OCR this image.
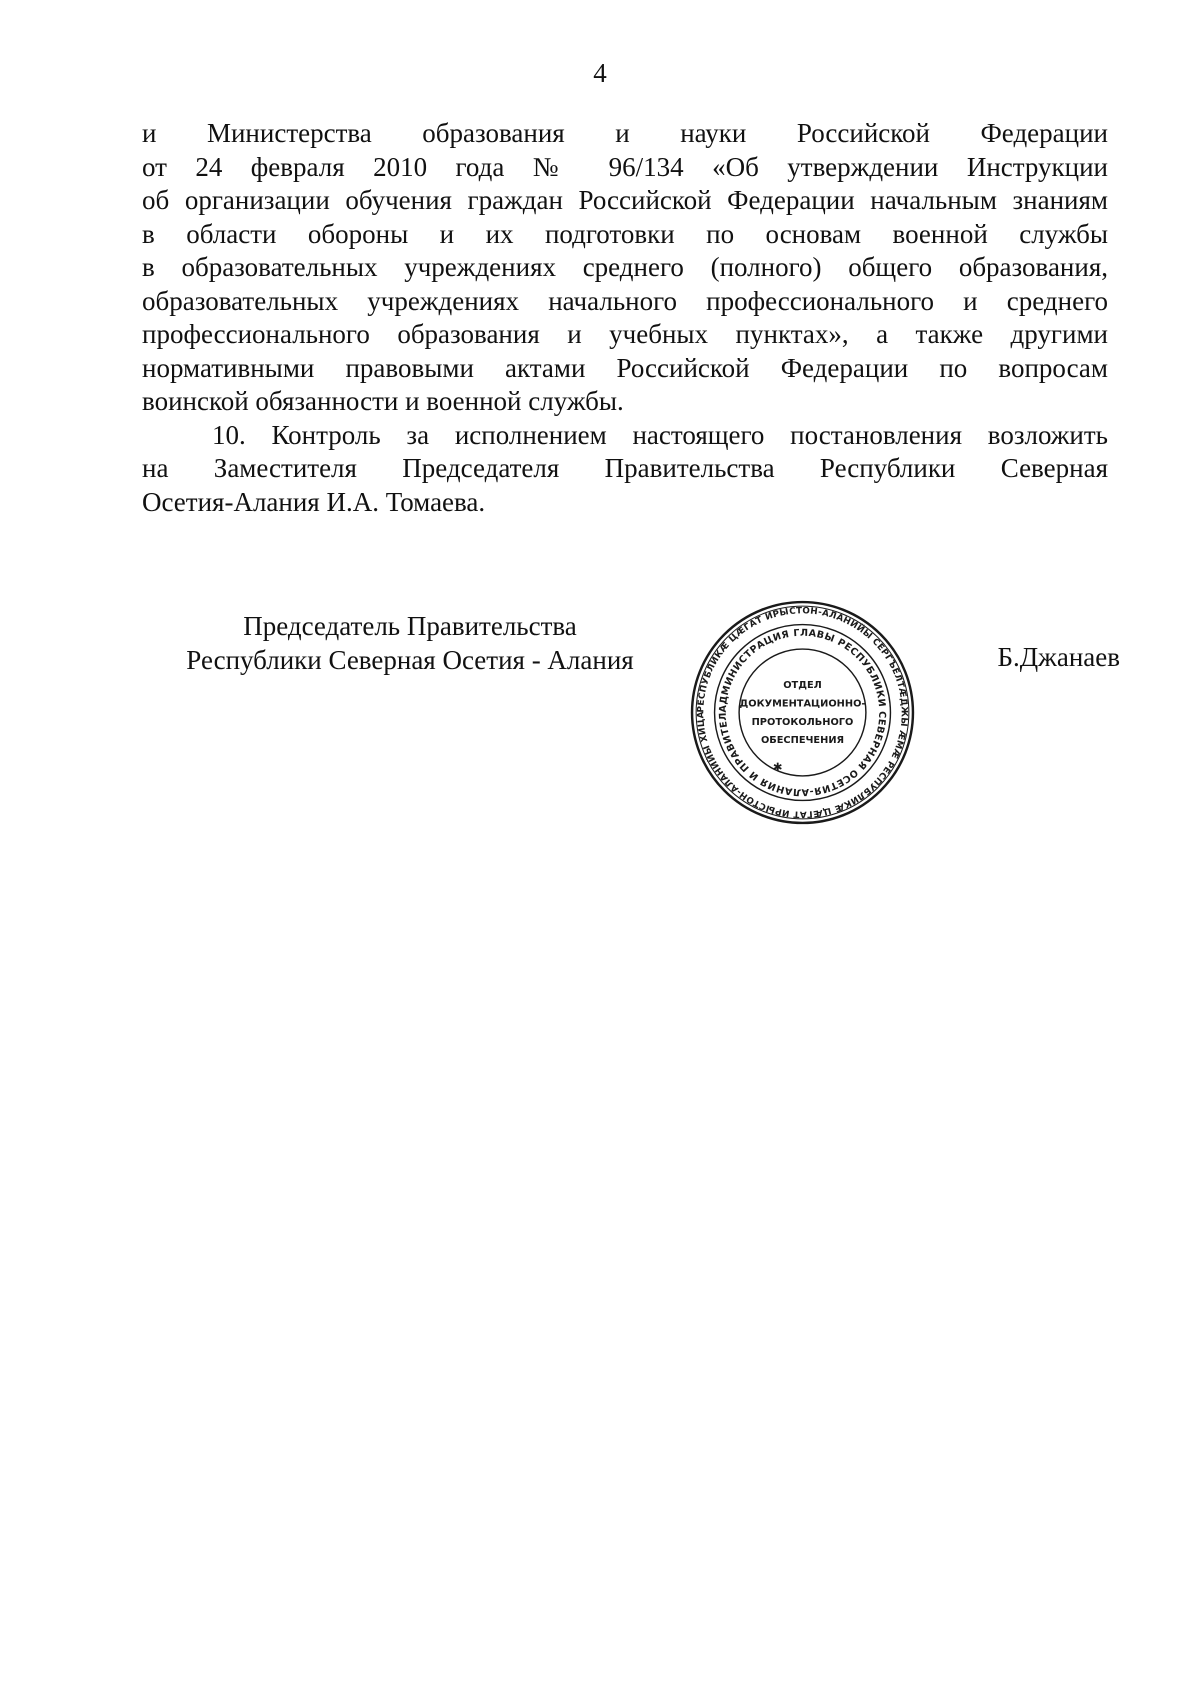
4

и Министерства образования и науки Российской Федерации

от 24 февраля 2010 года № 96/134 «Об утверждении Инструкции

об организации обучения граждан Российской Федерации начальным знаниям

в области обороны и их подготовки по основам военной службы

в образовательных учреждениях среднего (полного) общего образования,

образовательных учреждениях начального профессионального и среднего

профессионального образования и учебных пунктах», а также другими

нормативными правовыми актами Российской Федерации по вопросам

воинской обязанности и военной службы.

10. Контроль за исполнением настоящего постановления возложить

на Заместителя Председателя Правительства Республики Северная

Осетия-Алания И.А. Томаева.

Председатель Правительства
Республики Северная Осетия - Алания
РЕСПУБЛИКӔ ЦӔГАТ ИРЫСТОН-АЛАНИЙЫ СЕРГЪЕЛТӔДЖЫ ӔМӔ РЕСПУБЛИКӔ ЦӔГАТ ИРЫСТОН-АЛАНИЙЫ ХИЦА
АДМИНИСТРАЦИЯ ГЛАВЫ РЕСПУБЛИКИ СЕВЕРНАЯ ОСЕТИЯ-АЛАНИЯ И ПРАВИТЕЛ
ОТДЕЛ
ДОКУМЕНТАЦИОННО-
ПРОТОКОЛЬНОГО
ОБЕСПЕЧЕНИЯ
✱
Б.Джанаев
